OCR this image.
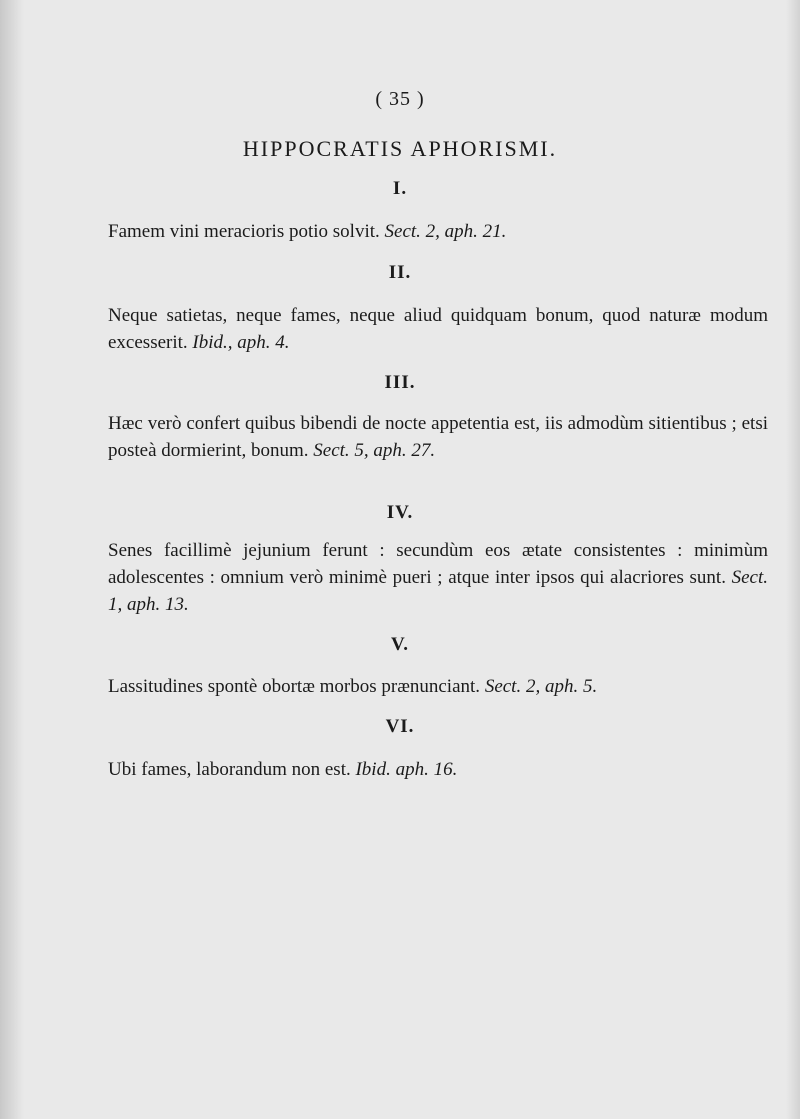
( 35 )
HIPPOCRATIS APHORISMI.
I.
Famem vini meracioris potio solvit. Sect. 2, aph. 21.
II.
Neque satietas, neque fames, neque aliud quidquam bonum, quod naturæ modum excesserit. Ibid., aph. 4.
III.
Hæc verò confert quibus bibendi de nocte appetentia est, iis admodùm sitientibus ; etsi posteà dormierint, bonum. Sect. 5, aph. 27.
IV.
Senes facillimè jejunium ferunt : secundùm eos ætate consistentes : minimùm adolescentes : omnium verò minimè pueri ; atque inter ipsos qui alacriores sunt. Sect. 1, aph. 13.
V.
Lassitudines spontè obortæ morbos prænunciant. Sect. 2, aph. 5.
VI.
Ubi fames, laborandum non est. Ibid. aph. 16.
